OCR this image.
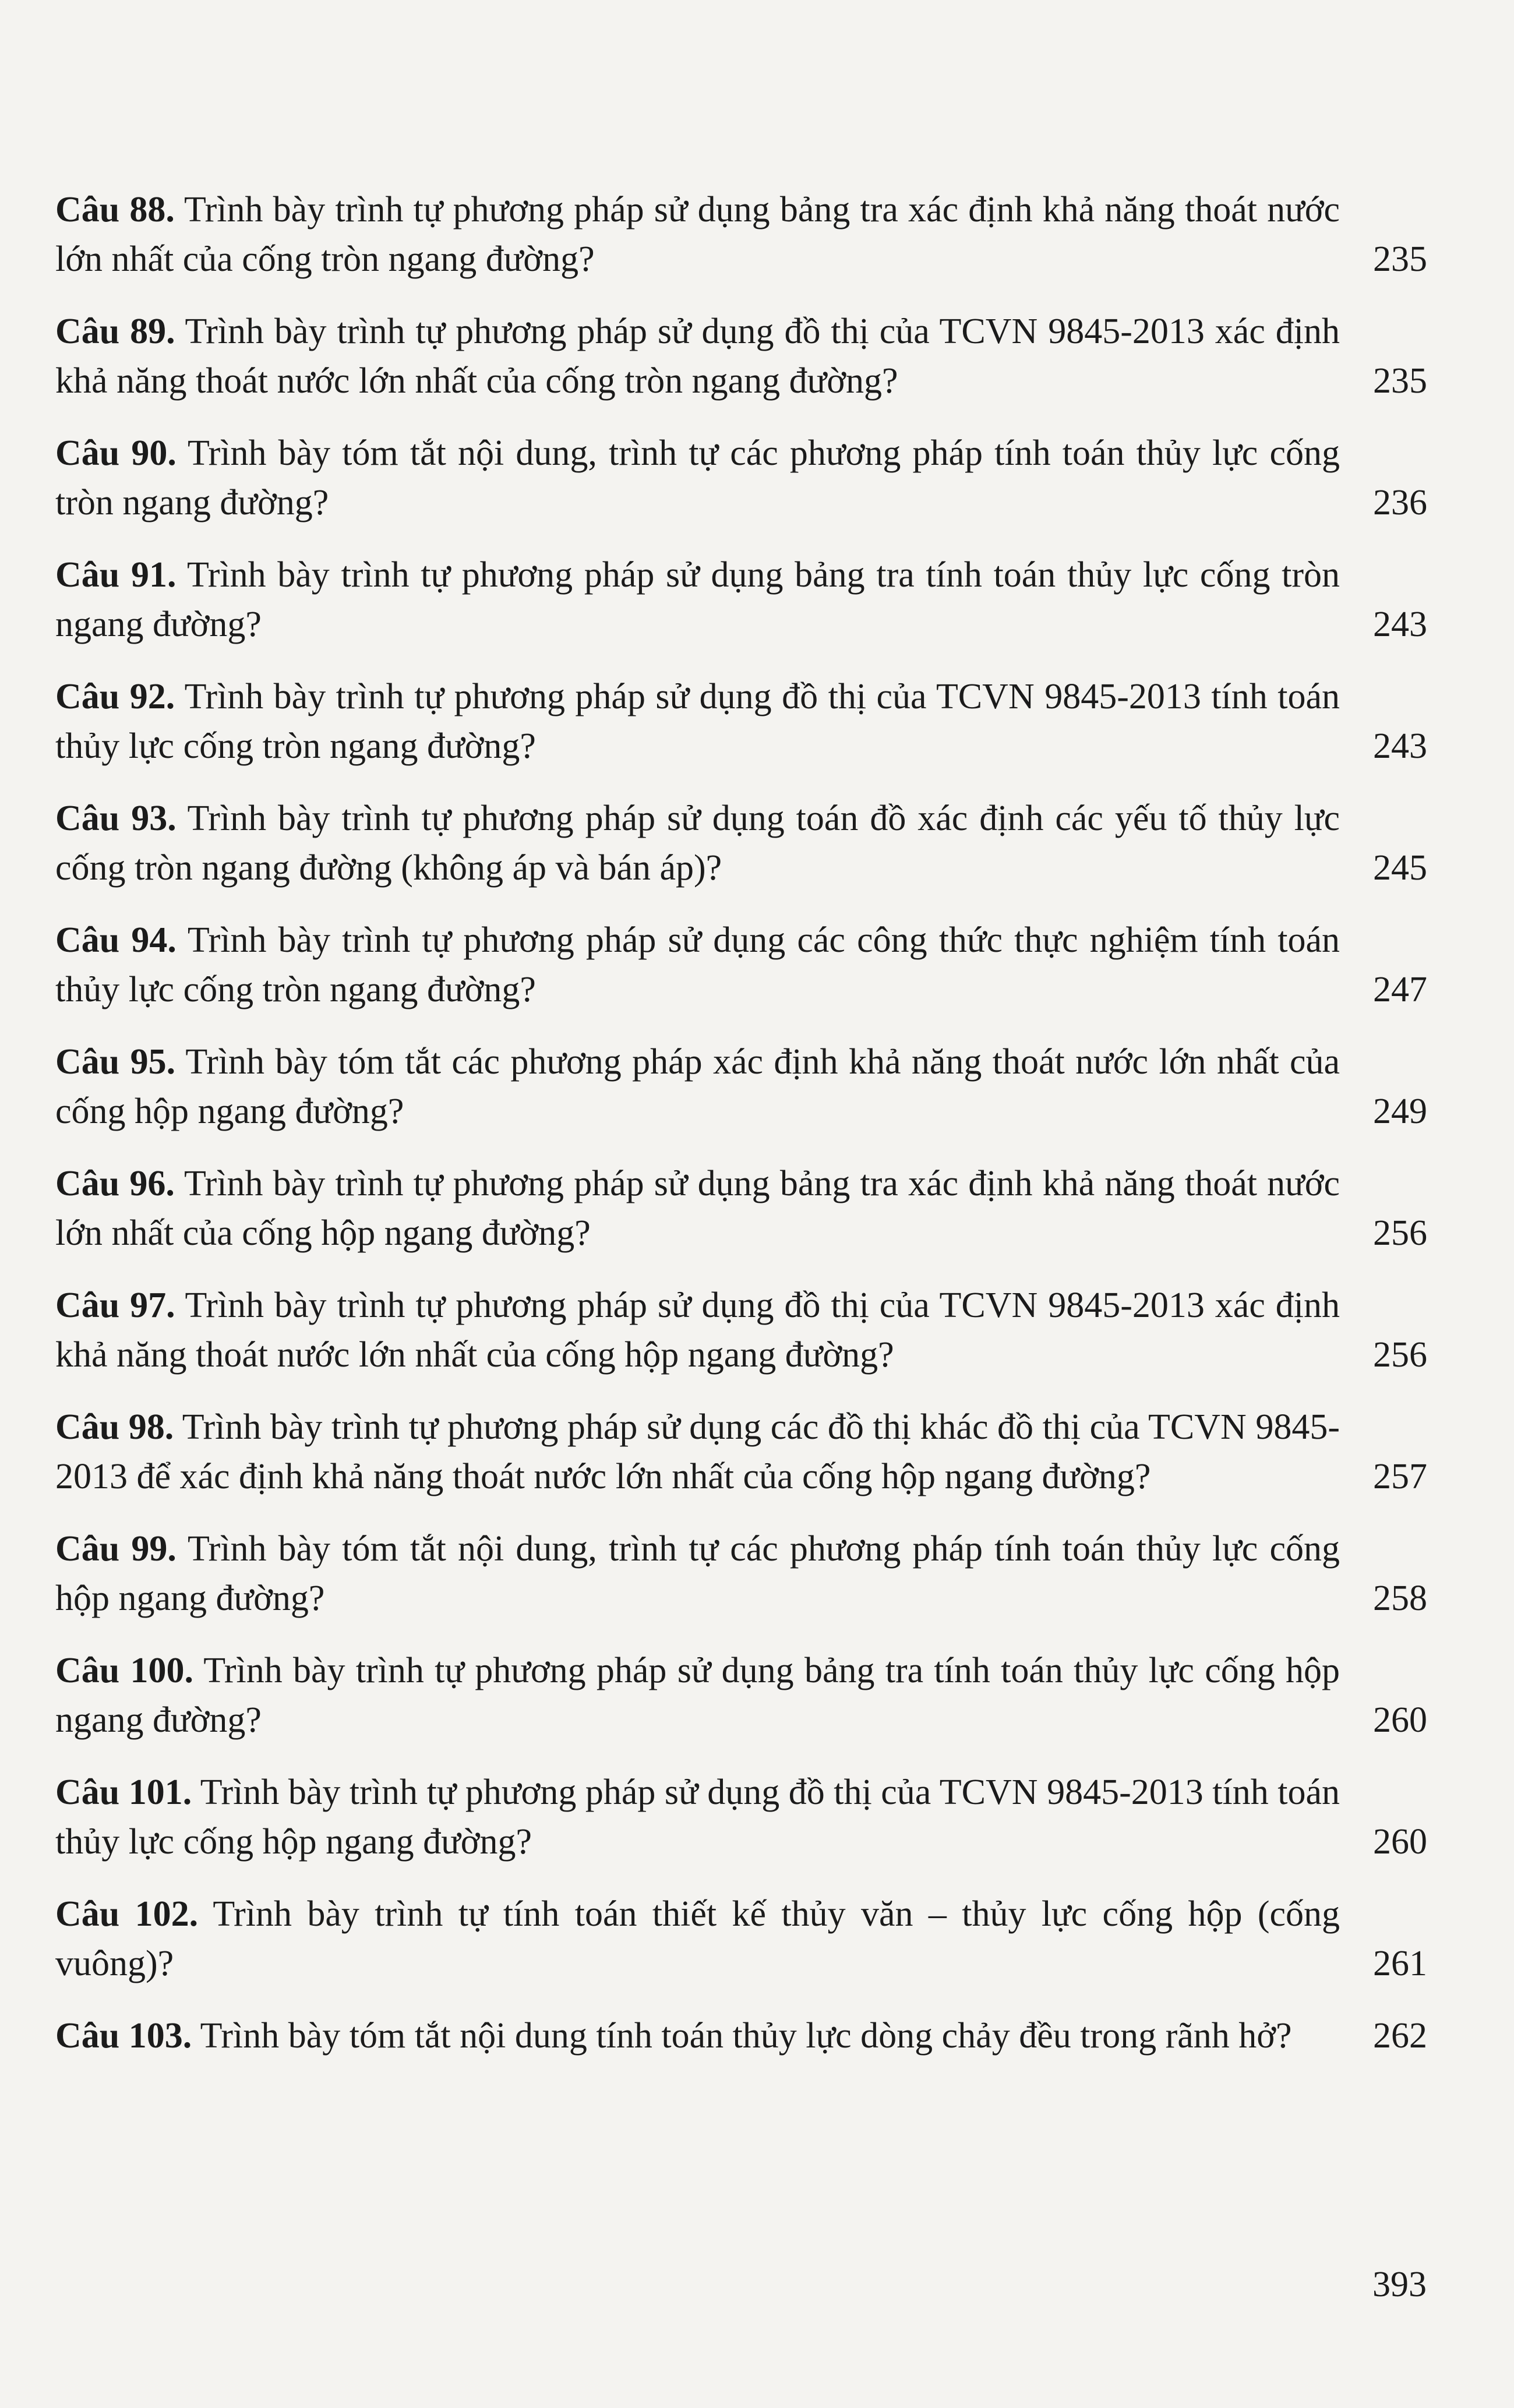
Câu 88. Trình bày trình tự phương pháp sử dụng bảng tra xác định khả năng thoát nước lớn nhất của cống tròn ngang đường?	235
Câu 89. Trình bày trình tự phương pháp sử dụng đồ thị của TCVN 9845-2013 xác định khả năng thoát nước lớn nhất của cống tròn ngang đường?	235
Câu 90. Trình bày tóm tắt nội dung, trình tự các phương pháp tính toán thủy lực cống tròn ngang đường?	236
Câu 91. Trình bày trình tự phương pháp sử dụng bảng tra tính toán thủy lực cống tròn ngang đường?	243
Câu 92. Trình bày trình tự phương pháp sử dụng đồ thị của TCVN 9845-2013 tính toán thủy lực cống tròn ngang đường?	243
Câu 93. Trình bày trình tự phương pháp sử dụng toán đồ xác định các yếu tố thủy lực cống tròn ngang đường (không áp và bán áp)?	245
Câu 94. Trình bày trình tự phương pháp sử dụng các công thức thực nghiệm tính toán thủy lực cống tròn ngang đường?	247
Câu 95. Trình bày tóm tắt các phương pháp xác định khả năng thoát nước lớn nhất của cống hộp ngang đường?	249
Câu 96. Trình bày trình tự phương pháp sử dụng bảng tra xác định khả năng thoát nước lớn nhất của cống hộp ngang đường?	256
Câu 97. Trình bày trình tự phương pháp sử dụng đồ thị của TCVN 9845-2013 xác định khả năng thoát nước lớn nhất của cống hộp ngang đường?	256
Câu 98. Trình bày trình tự phương pháp sử dụng các đồ thị khác đồ thị của TCVN 9845-2013 để xác định khả năng thoát nước lớn nhất của cống hộp ngang đường?	257
Câu 99. Trình bày tóm tắt nội dung, trình tự các phương pháp tính toán thủy lực cống hộp ngang đường?	258
Câu 100. Trình bày trình tự phương pháp sử dụng bảng tra tính toán thủy lực cống hộp ngang đường?	260
Câu 101. Trình bày trình tự phương pháp sử dụng đồ thị của TCVN 9845-2013 tính toán thủy lực cống hộp ngang đường?	260
Câu 102. Trình bày trình tự tính toán thiết kế thủy văn – thủy lực cống hộp (cống vuông)?	261
Câu 103. Trình bày tóm tắt nội dung tính toán thủy lực dòng chảy đều trong rãnh hở? 262
393
